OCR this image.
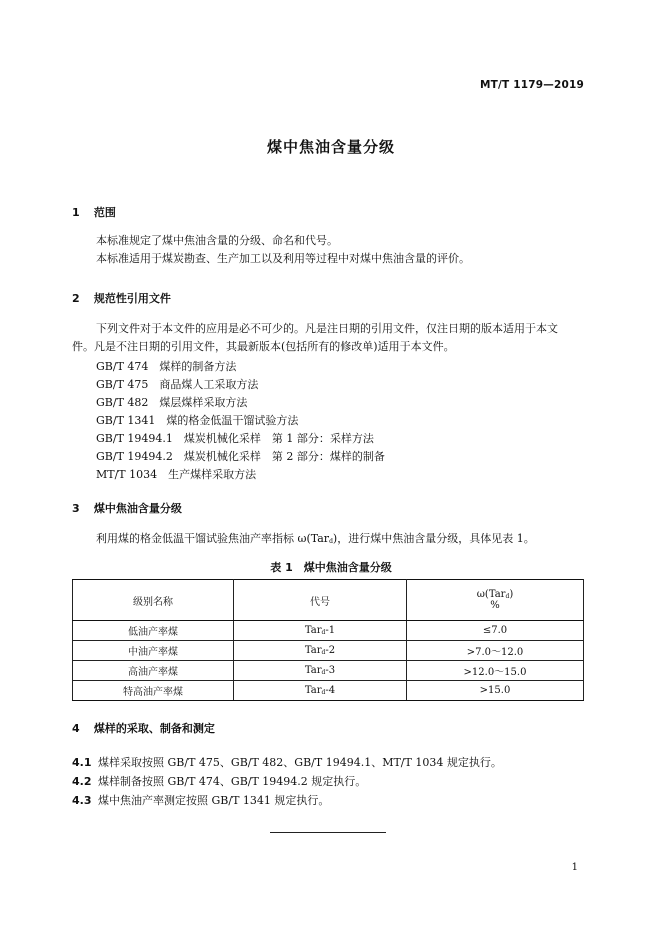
MT/T 1179—2019
煤中焦油含量分级
1 范围
本标准规定了煤中焦油含量的分级、命名和代号。
本标准适用于煤炭勘查、生产加工以及利用等过程中对煤中焦油含量的评价。
2 规范性引用文件
下列文件对于本文件的应用是必不可少的。凡是注日期的引用文件，仅注日期的版本适用于本文
件。凡是不注日期的引用文件，其最新版本(包括所有的修改单)适用于本文件。
GB/T 474　 煤样的制备方法
GB/T 475　 商品煤人工采取方法
GB/T 482　 煤层煤样采取方法
GB/T 1341　 煤的格金低温干馏试验方法
GB/T 19494.1　 煤炭机械化采样　第 1 部分：采样方法
GB/T 19494.2　 煤炭机械化采样　第 2 部分：煤样的制备
MT/T 1034　 生产煤样采取方法
3 煤中焦油含量分级
利用煤的格金低温干馏试验焦油产率指标 ω(Tard)，进行煤中焦油含量分级，具体见表 1。
表 1　煤中焦油含量分级
级别名称	代号	ω(Tard)
%

低油产率煤	Tard-1	≤7.0
中油产率煤	Tard-2	>7.0～12.0
高油产率煤	Tard-3	>12.0～15.0
特高油产率煤	Tard-4	>15.0
4 煤样的采取、制备和测定
4.1 煤样采取按照 GB/T 475、GB/T 482、GB/T 19494.1、MT/T 1034 规定执行。
4.2 煤样制备按照 GB/T 474、GB/T 19494.2 规定执行。
4.3 煤中焦油产率测定按照 GB/T 1341 规定执行。
1
